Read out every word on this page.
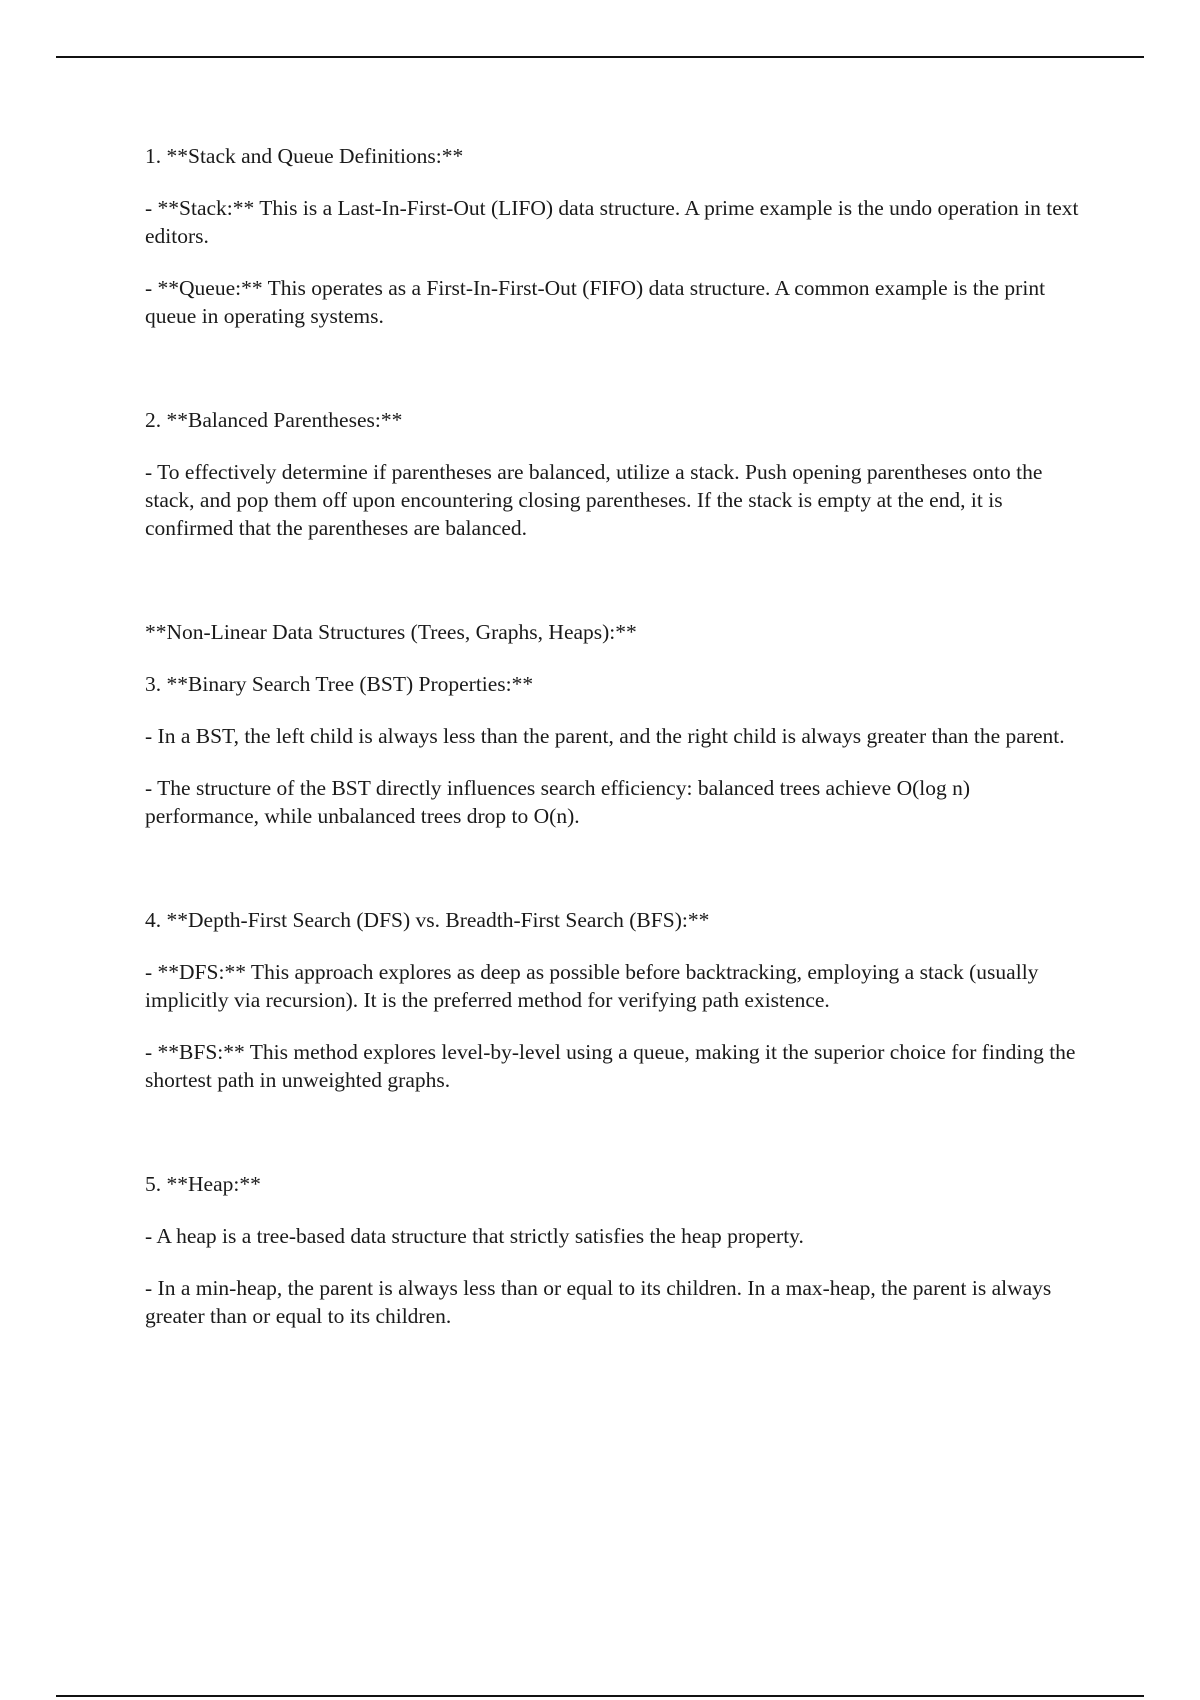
1. **Stack and Queue Definitions:**

- **Stack:** This is a Last-In-First-Out (LIFO) data structure. A prime example is the undo operation in text editors.

- **Queue:** This operates as a First-In-First-Out (FIFO) data structure. A common example is the print queue in operating systems.

2. **Balanced Parentheses:**

- To effectively determine if parentheses are balanced, utilize a stack. Push opening parentheses onto the stack, and pop them off upon encountering closing parentheses. If the stack is empty at the end, it is confirmed that the parentheses are balanced.

**Non-Linear Data Structures (Trees, Graphs, Heaps):**

3. **Binary Search Tree (BST) Properties:**

- In a BST, the left child is always less than the parent, and the right child is always greater than the parent.

- The structure of the BST directly influences search efficiency: balanced trees achieve O(log n) performance, while unbalanced trees drop to O(n).

4. **Depth-First Search (DFS) vs. Breadth-First Search (BFS):**

- **DFS:** This approach explores as deep as possible before backtracking, employing a stack (usually implicitly via recursion). It is the preferred method for verifying path existence.

- **BFS:** This method explores level-by-level using a queue, making it the superior choice for finding the shortest path in unweighted graphs.

5. **Heap:**

- A heap is a tree-based data structure that strictly satisfies the heap property.

- In a min-heap, the parent is always less than or equal to its children. In a max-heap, the parent is always greater than or equal to its children.
